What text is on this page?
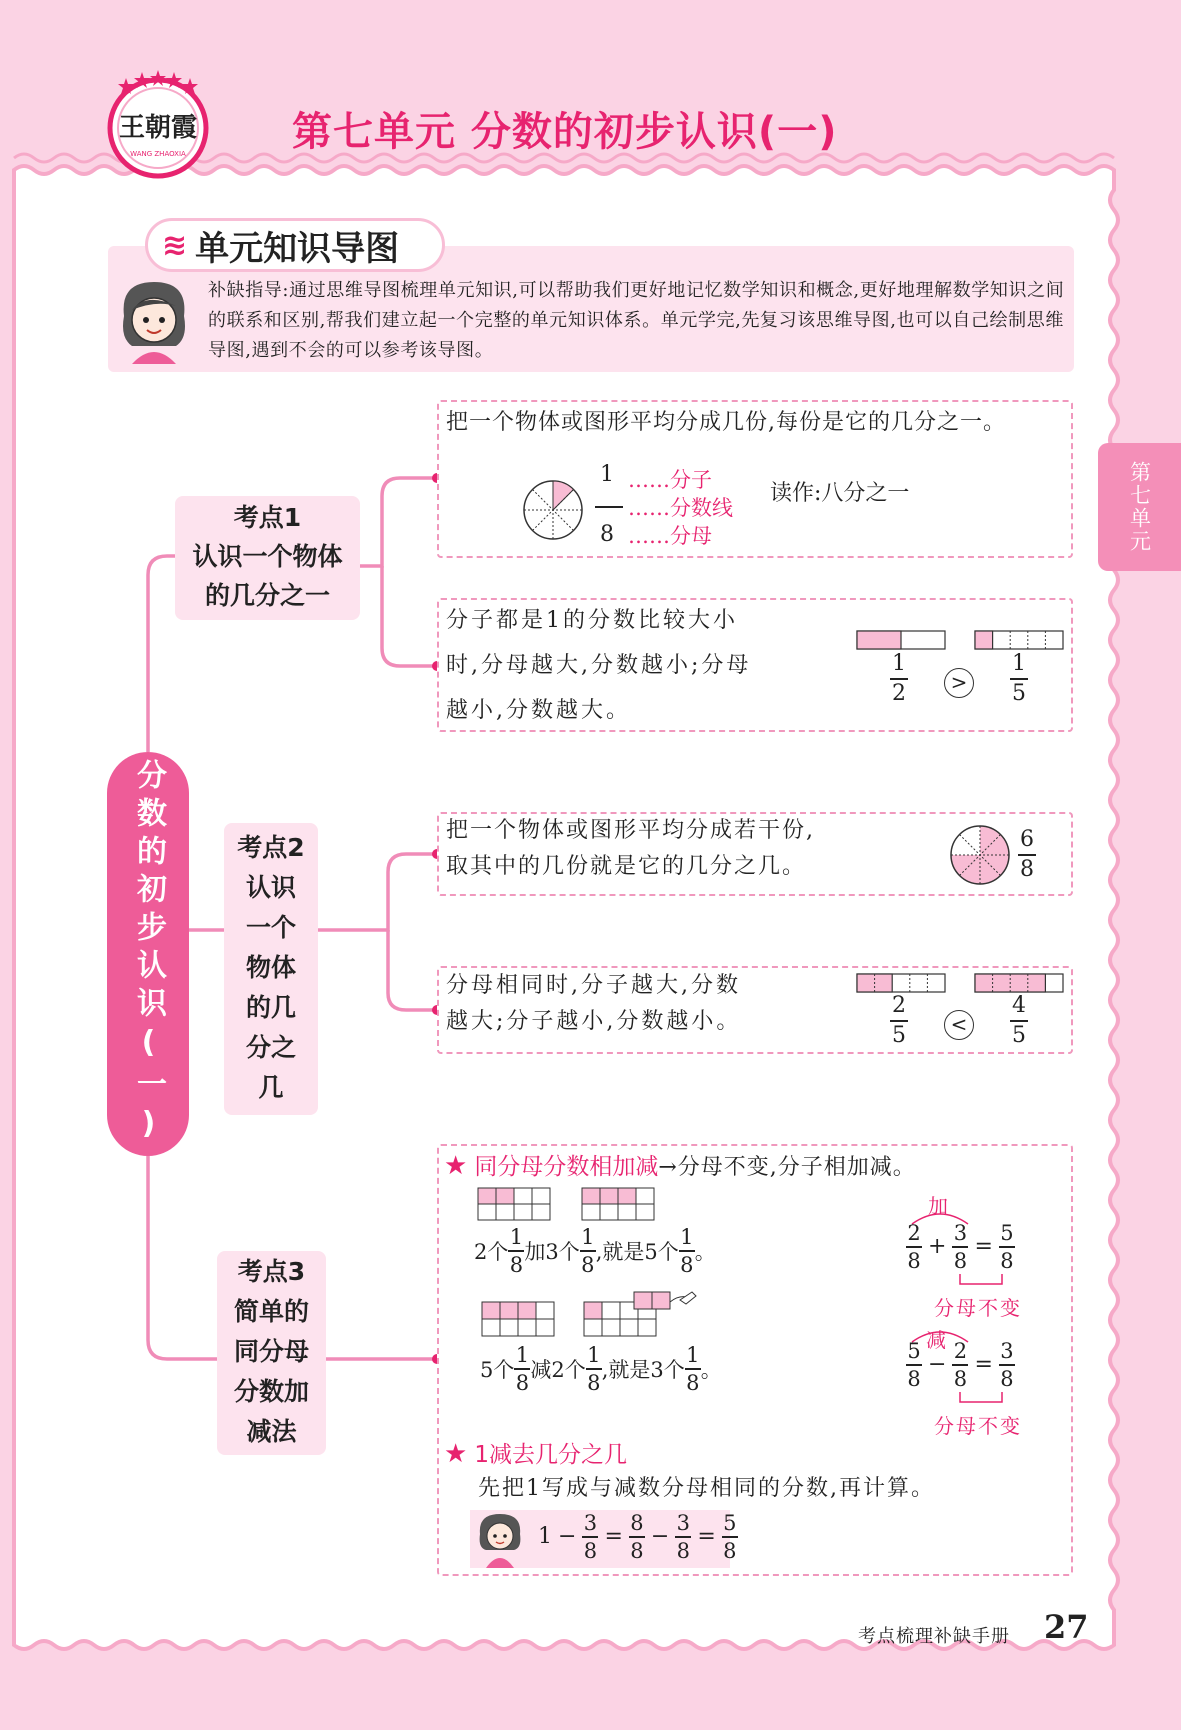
王朝霞
WANG ZHAOXIA	第七单元 分数的初步认识(一)
第七单元
≋ 单元知识导图
补缺指导:通过思维导图梳理单元知识,可以帮助我们更好地记忆数学知识和概念,更好地理解数学知识之间的联系和区别,帮我们建立起一个完整的单元知识体系。单元学完,先复习该思维导图,也可以自己绘制思维导图,遇到不会的可以参考该导图。
分数的初步认识(一)
考点1
认识一个物体
的几分之一
考点2
认识
一个
物体
的几
分之
几
考点3
简单的
同分母
分数加
减法
把一个物体或图形平均分成几份,每份是它的几分之一。
1
8
……分子
……分数线
……分母
读作:八分之一
分子都是1的分数比较大小
时,分母越大,分数越小;分母
越小,分数越大。
1
2	>
1
5
把一个物体或图形平均分成若干份,
取其中的几份就是它的几分之几。
6
8
分母相同时,分子越大,分数
越大;分子越小,分数越小。
2
5	<
4
5
★ 同分母分数相加减→分母不变,分子相加减。
2个 $\frac{1}{8}$ 加3个 $\frac{1}{8}$ ,就是5个 $\frac{1}{8}$ 。
5个 $\frac{1}{8}$ 减2个 $\frac{1}{8}$ ,就是3个 $\frac{1}{8}$ 。
加
$\frac{2}{8} + \frac{3}{8} = \frac{5}{8}$
分母不变
减
$\frac{5}{8} - \frac{2}{8} = \frac{3}{8}$
分母不变
★ 1减去几分之几
先把1写成与减数分母相同的分数,再计算。
$1 - \frac{3}{8} = \frac{8}{8} - \frac{3}{8} = \frac{5}{8}$
考点梳理补缺手册 27
